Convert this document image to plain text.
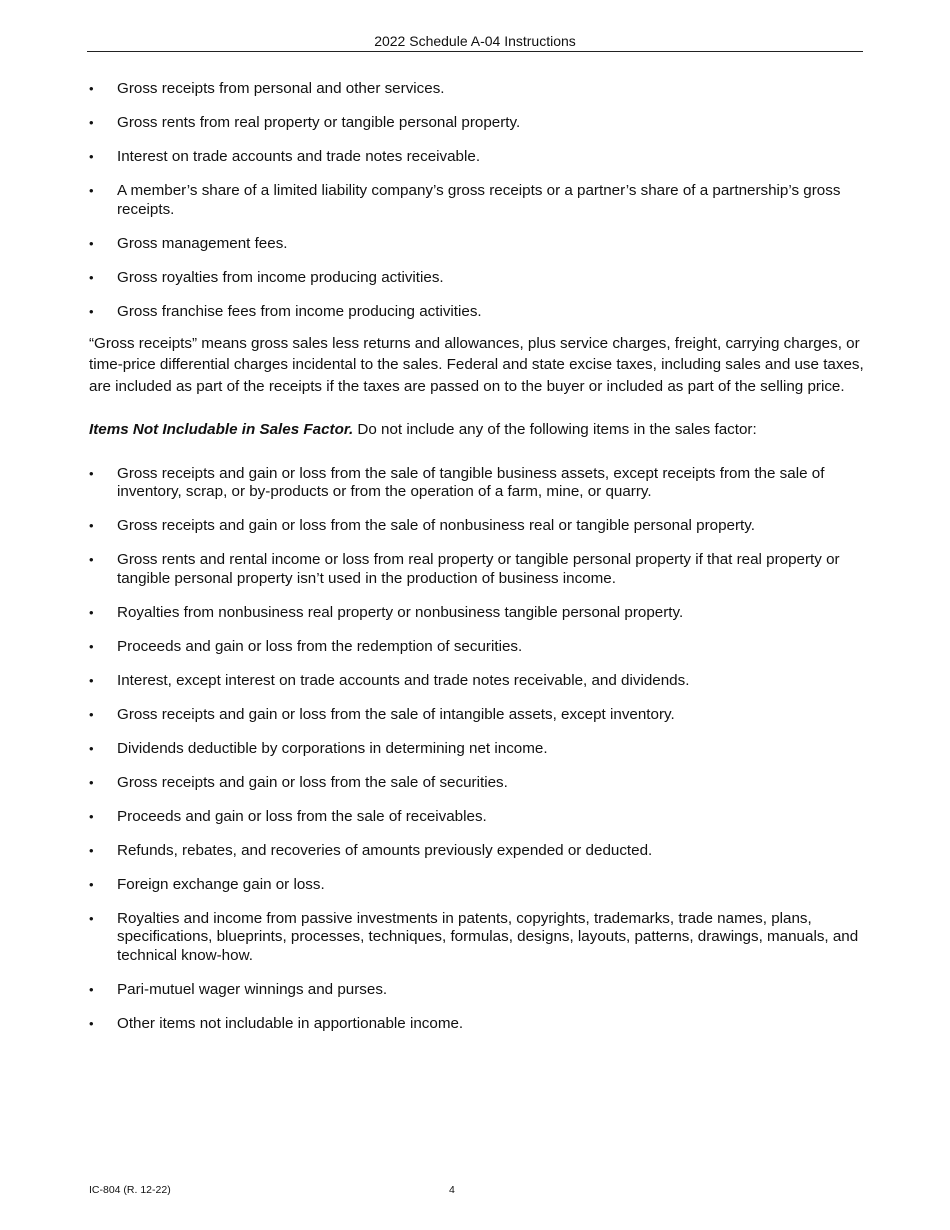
2022 Schedule A-04 Instructions
• Gross receipts from personal and other services.
• Gross rents from real property or tangible personal property.
• Interest on trade accounts and trade notes receivable.
• A member’s share of a limited liability company’s gross receipts or a partner’s share of a partnership’s gross receipts.
• Gross management fees.
• Gross royalties from income producing activities.
• Gross franchise fees from income producing activities.

“Gross receipts” means gross sales less returns and allowances, plus service charges, freight, carrying charges, or time-price differential charges incidental to the sales. Federal and state excise taxes, including sales and use taxes, are included as part of the receipts if the taxes are passed on to the buyer or included as part of the selling price.

Items Not Includable in Sales Factor. Do not include any of the following items in the sales factor:

• Gross receipts and gain or loss from the sale of tangible business assets, except receipts from the sale of inventory, scrap, or by-products or from the operation of a farm, mine, or quarry.
• Gross receipts and gain or loss from the sale of nonbusiness real or tangible personal property.
• Gross rents and rental income or loss from real property or tangible personal property if that real property or tangible personal property isn’t used in the production of business income.
• Royalties from nonbusiness real property or nonbusiness tangible personal property.
• Proceeds and gain or loss from the redemption of securities.
• Interest, except interest on trade accounts and trade notes receivable, and dividends.
• Gross receipts and gain or loss from the sale of intangible assets, except inventory.
• Dividends deductible by corporations in determining net income.
• Gross receipts and gain or loss from the sale of securities.
• Proceeds and gain or loss from the sale of receivables.
• Refunds, rebates, and recoveries of amounts previously expended or deducted.
• Foreign exchange gain or loss.
• Royalties and income from passive investments in patents, copyrights, trademarks, trade names, plans, specifications, blueprints, processes, techniques, formulas, designs, layouts, patterns, drawings, manuals, and technical know-how.
• Pari-mutuel wager winnings and purses.
• Other items not includable in apportionable income.
IC-804 (R. 12-22)	4
